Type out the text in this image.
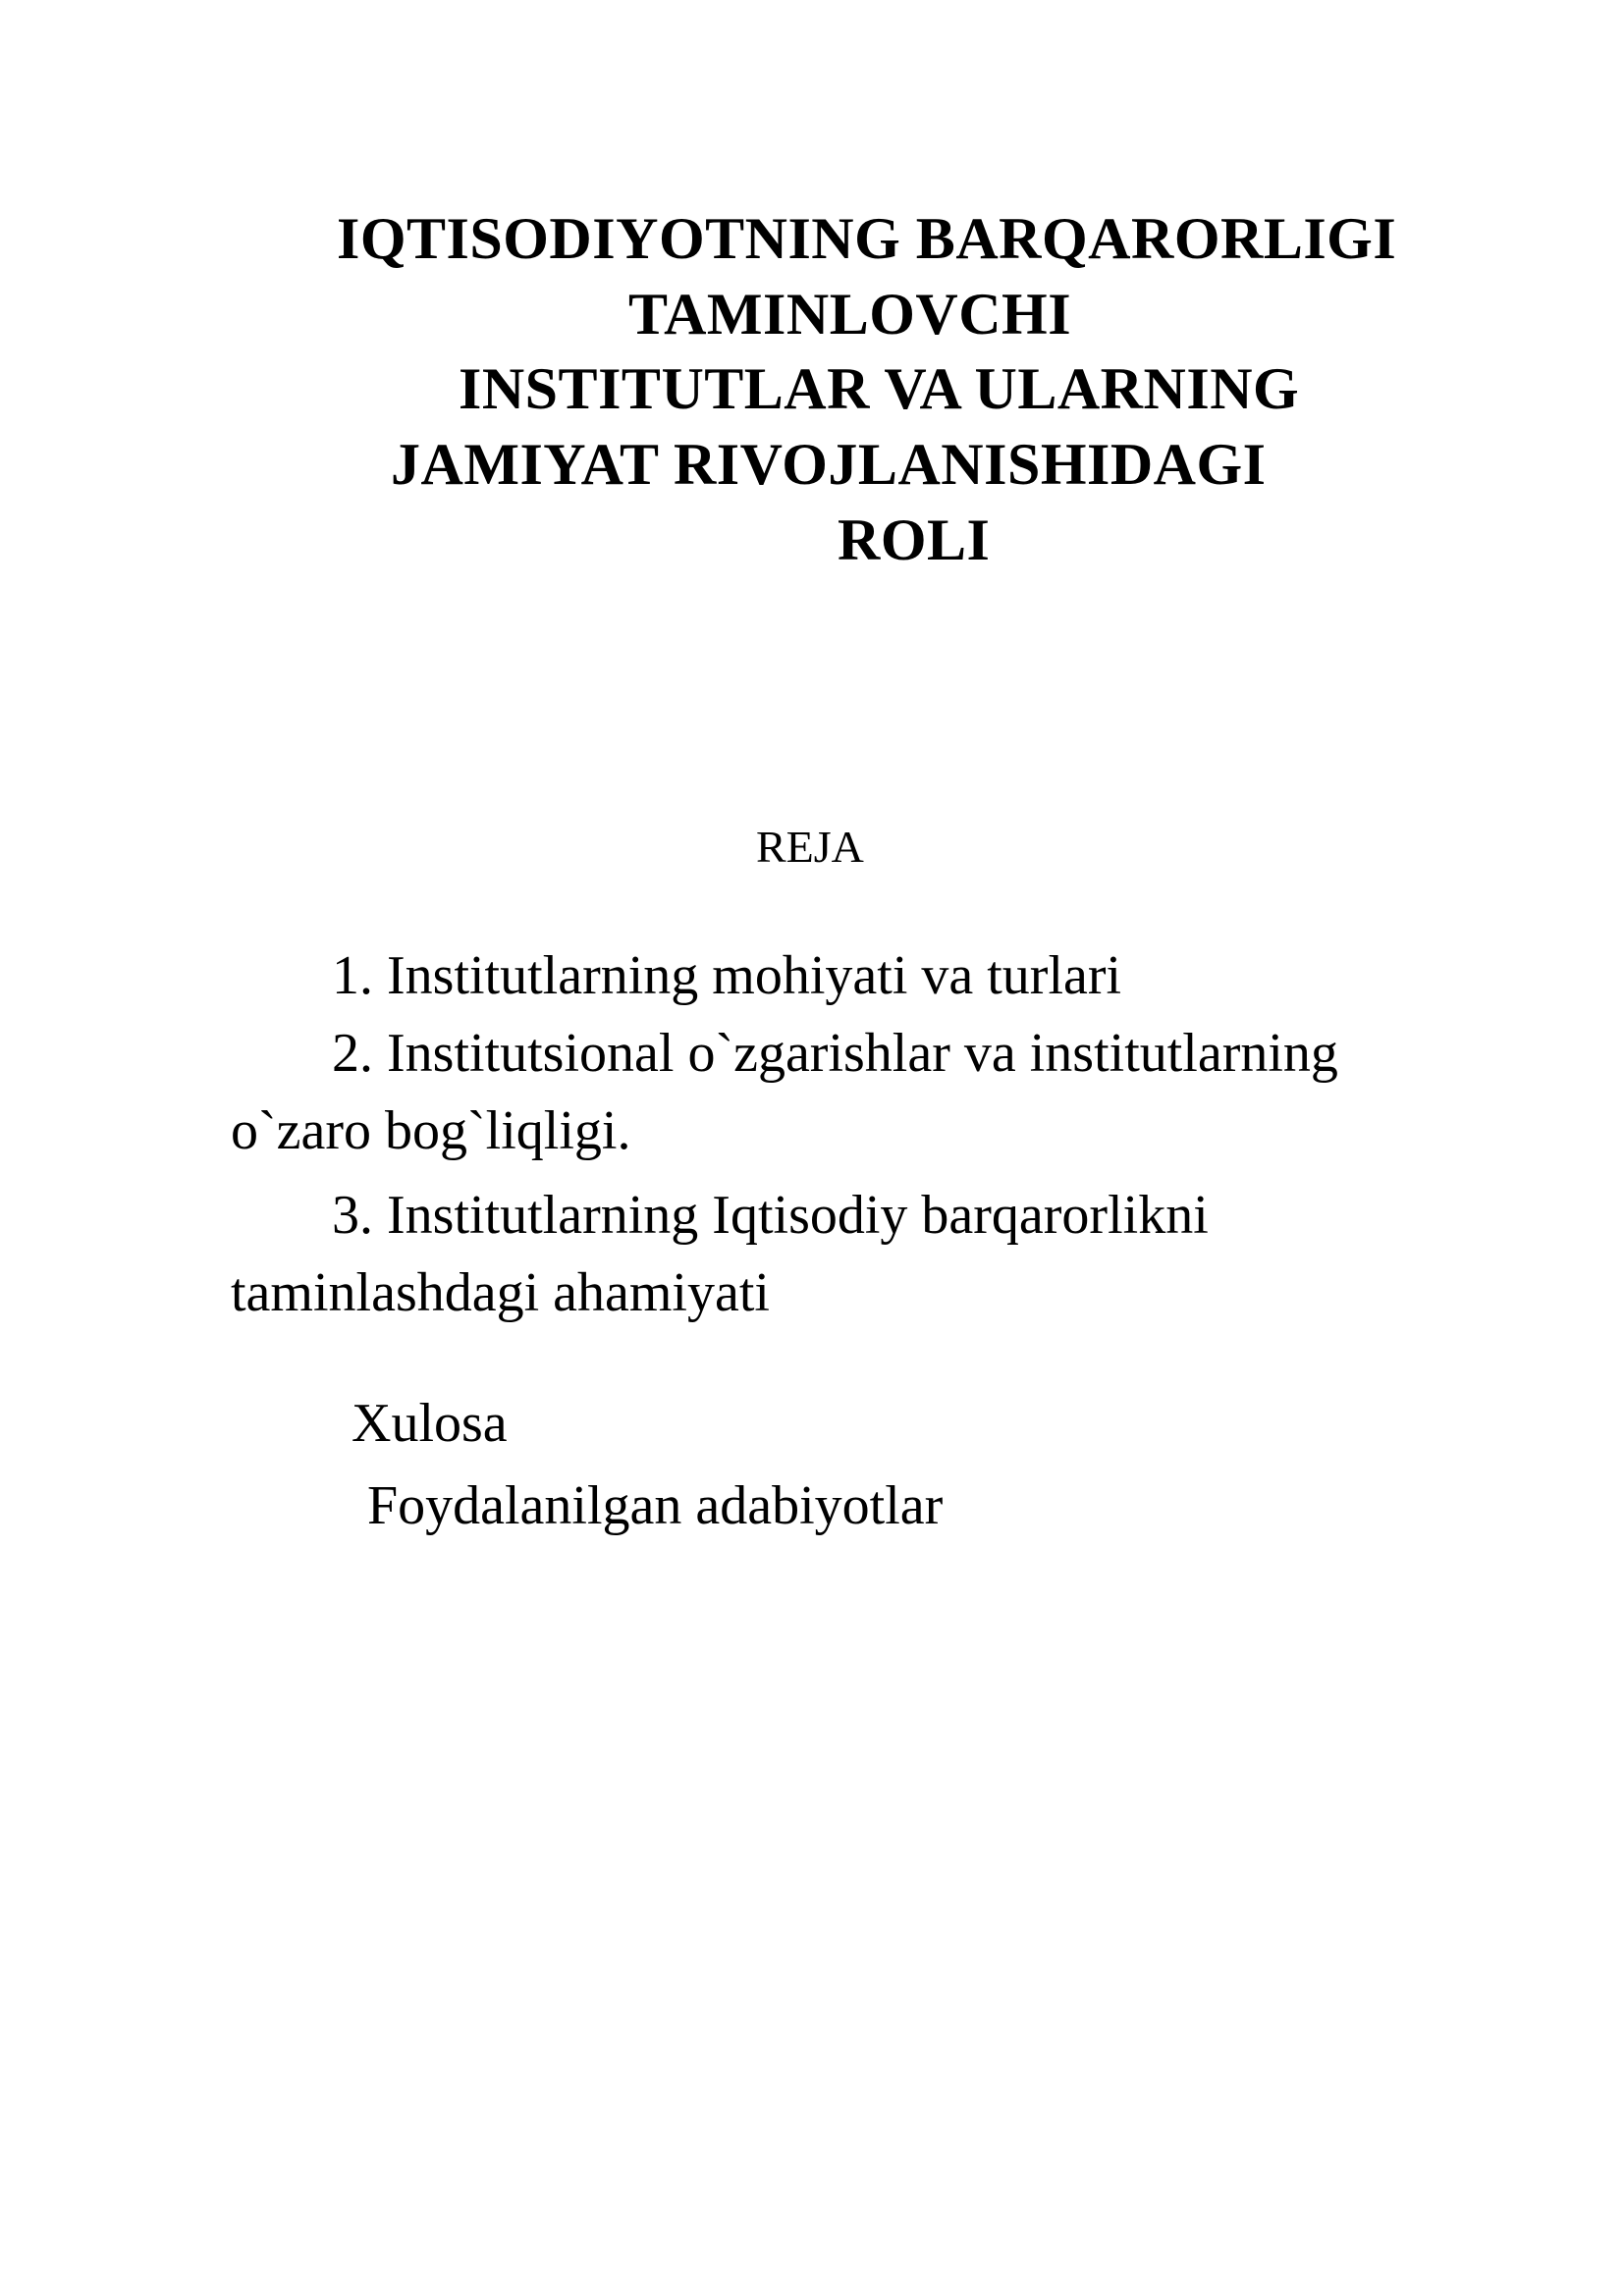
IQTISODIYOTNING BARQARORLIGI
TAMINLOVCHI
INSTITUTLAR VA ULARNING
JAMIYAT RIVOJLANISHIDAGI
ROLI
REJA
1. Institutlarning mohiyati va turlari
2. Institutsional o`zgarishlar va institutlarning
o`zaro bog`liqligi.
3. Institutlarning Iqtisodiy barqarorlikni
taminlashdagi ahamiyati
Xulosa
Foydalanilgan adabiyotlar
